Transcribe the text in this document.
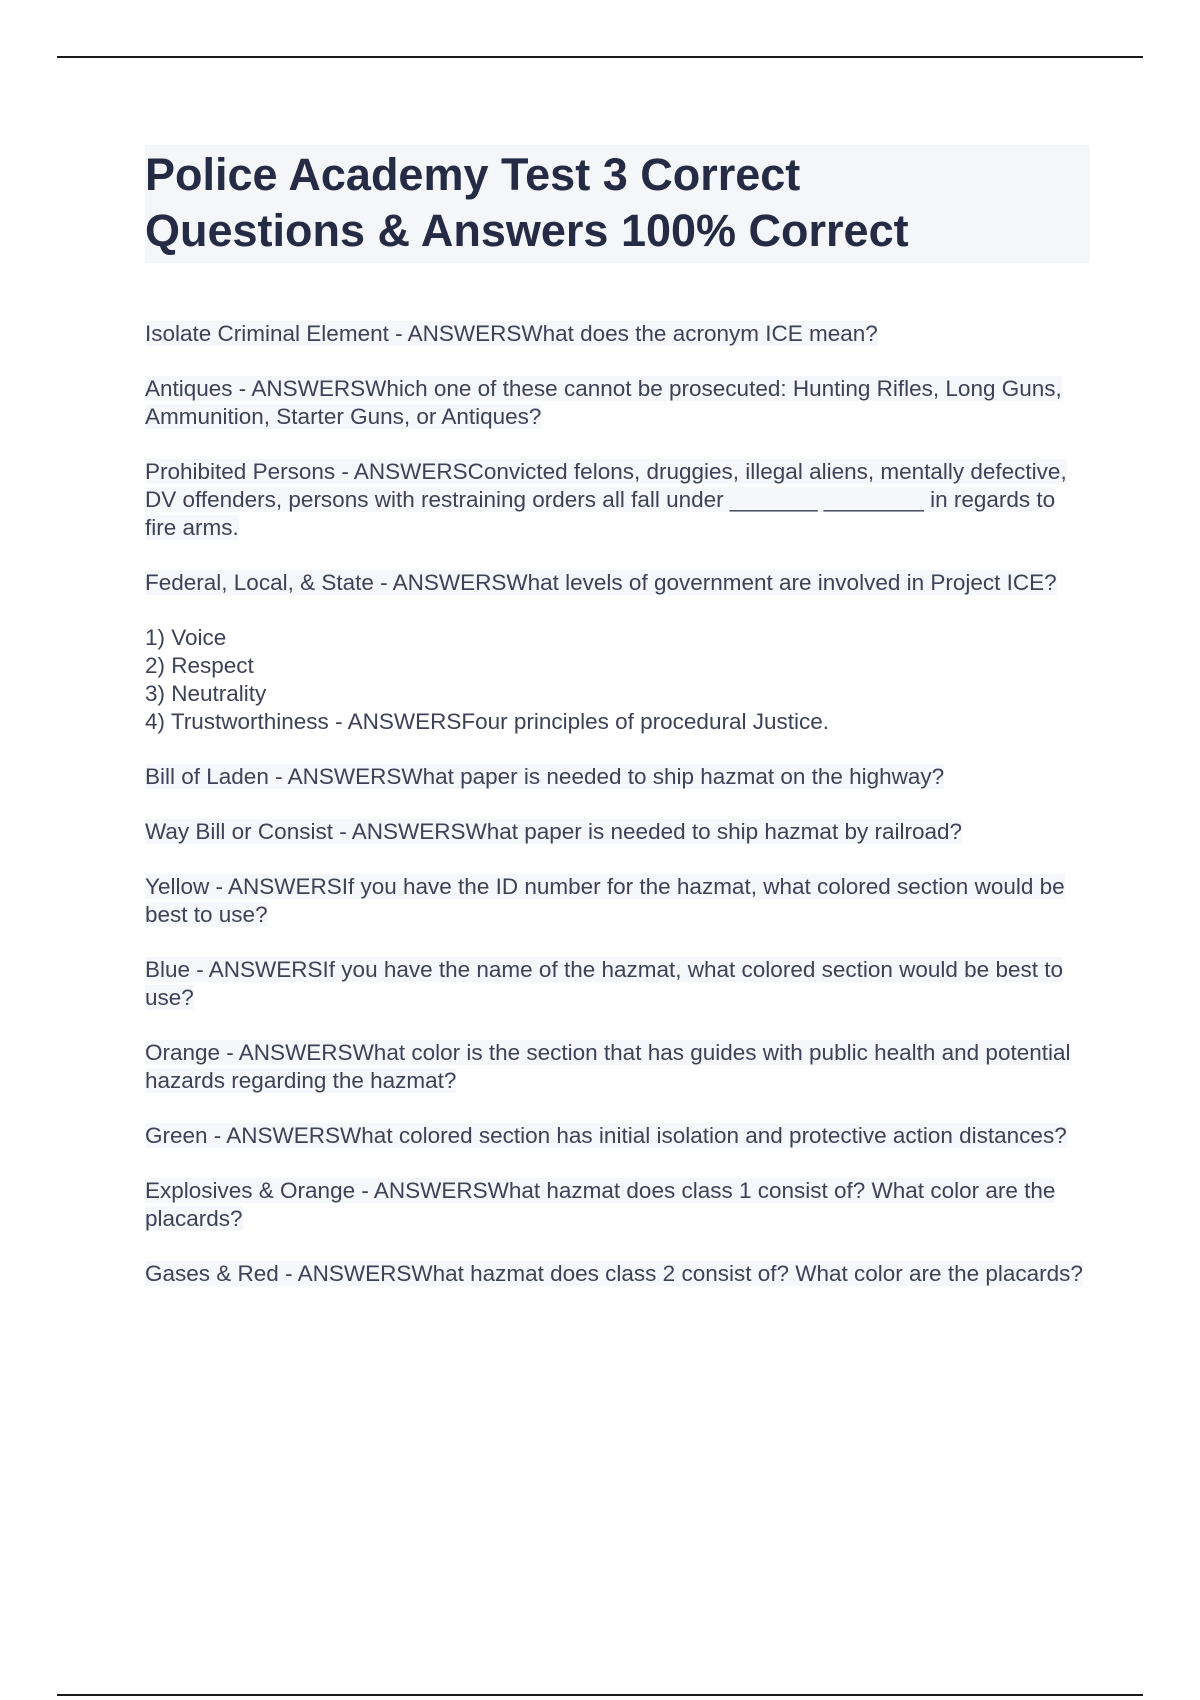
Police Academy Test 3 Correct
Questions & Answers 100% Correct

Isolate Criminal Element - ANSWERSWhat does the acronym ICE mean?

Antiques - ANSWERSWhich one of these cannot be prosecuted: Hunting Rifles, Long Guns, Ammunition, Starter Guns, or Antiques?

Prohibited Persons - ANSWERSConvicted felons, druggies, illegal aliens, mentally defective, DV offenders, persons with restraining orders all fall under _______ ________ in regards to fire arms.

Federal, Local, & State - ANSWERSWhat levels of government are involved in Project ICE?

1) Voice
2) Respect
3) Neutrality
4) Trustworthiness - ANSWERSFour principles of procedural Justice.

Bill of Laden - ANSWERSWhat paper is needed to ship hazmat on the highway?

Way Bill or Consist - ANSWERSWhat paper is needed to ship hazmat by railroad?

Yellow - ANSWERSIf you have the ID number for the hazmat, what colored section would be best to use?

Blue - ANSWERSIf you have the name of the hazmat, what colored section would be best to use?

Orange - ANSWERSWhat color is the section that has guides with public health and potential hazards regarding the hazmat?

Green - ANSWERSWhat colored section has initial isolation and protective action distances?

Explosives & Orange - ANSWERSWhat hazmat does class 1 consist of? What color are the placards?

Gases & Red - ANSWERSWhat hazmat does class 2 consist of? What color are the placards?
